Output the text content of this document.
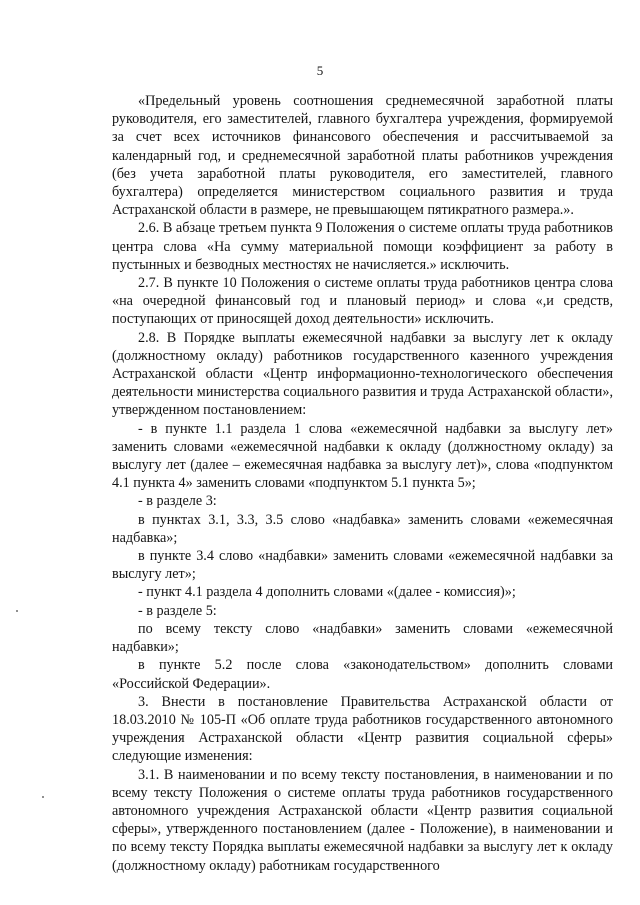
5

«Предельный уровень соотношения среднемесячной заработной платы руководителя, его заместителей, главного бухгалтера учреждения, формируемой за счет всех источников финансового обеспечения и рассчитываемой за календарный год, и среднемесячной заработной платы работников учреждения (без учета заработной платы руководителя, его заместителей, главного бухгалтера) определяется министерством социального развития и труда Астраханской области в размере, не превышающем пятикратного размера.».

2.6. В абзаце третьем пункта 9 Положения о системе оплаты труда работников центра слова «На сумму материальной помощи коэффициент за работу в пустынных и безводных местностях не начисляется.» исключить.

2.7. В пункте 10 Положения о системе оплаты труда работников центра слова «на очередной финансовый год и плановый период» и слова «,и средств, поступающих от приносящей доход деятельности» исключить.

2.8. В Порядке выплаты ежемесячной надбавки за выслугу лет к окладу (должностному окладу) работников государственного казенного учреждения Астраханской области «Центр информационно-технологического обеспечения деятельности министерства социального развития и труда Астраханской области», утвержденном постановлением:

- в пункте 1.1 раздела 1 слова «ежемесячной надбавки за выслугу лет» заменить словами «ежемесячной надбавки к окладу (должностному окладу) за выслугу лет (далее – ежемесячная надбавка за выслугу лет)», слова «подпунктом 4.1 пункта 4» заменить словами «подпунктом 5.1 пункта 5»;

- в разделе 3:

в пунктах 3.1, 3.3, 3.5 слово «надбавка» заменить словами «ежемесячная надбавка»;

в пункте 3.4 слово «надбавки» заменить словами «ежемесячной надбавки за выслугу лет»;

- пункт 4.1 раздела 4 дополнить словами «(далее - комиссия)»;

- в разделе 5:

по всему тексту слово «надбавки» заменить словами «ежемесячной надбавки»;

в пункте 5.2 после слова «законодательством» дополнить словами «Российской Федерации».

3. Внести в постановление Правительства Астраханской области от 18.03.2010 № 105-П «Об оплате труда работников государственного автономного учреждения Астраханской области «Центр развития социальной сферы» следующие изменения:

3.1. В наименовании и по всему тексту постановления, в наименовании и по всему тексту Положения о системе оплаты труда работников государственного автономного учреждения Астраханской области «Центр развития социальной сферы», утвержденного постановлением (далее - Положение), в наименовании и по всему тексту Порядка выплаты ежемесячной надбавки за выслугу лет к окладу (должностному окладу) работникам государственного
